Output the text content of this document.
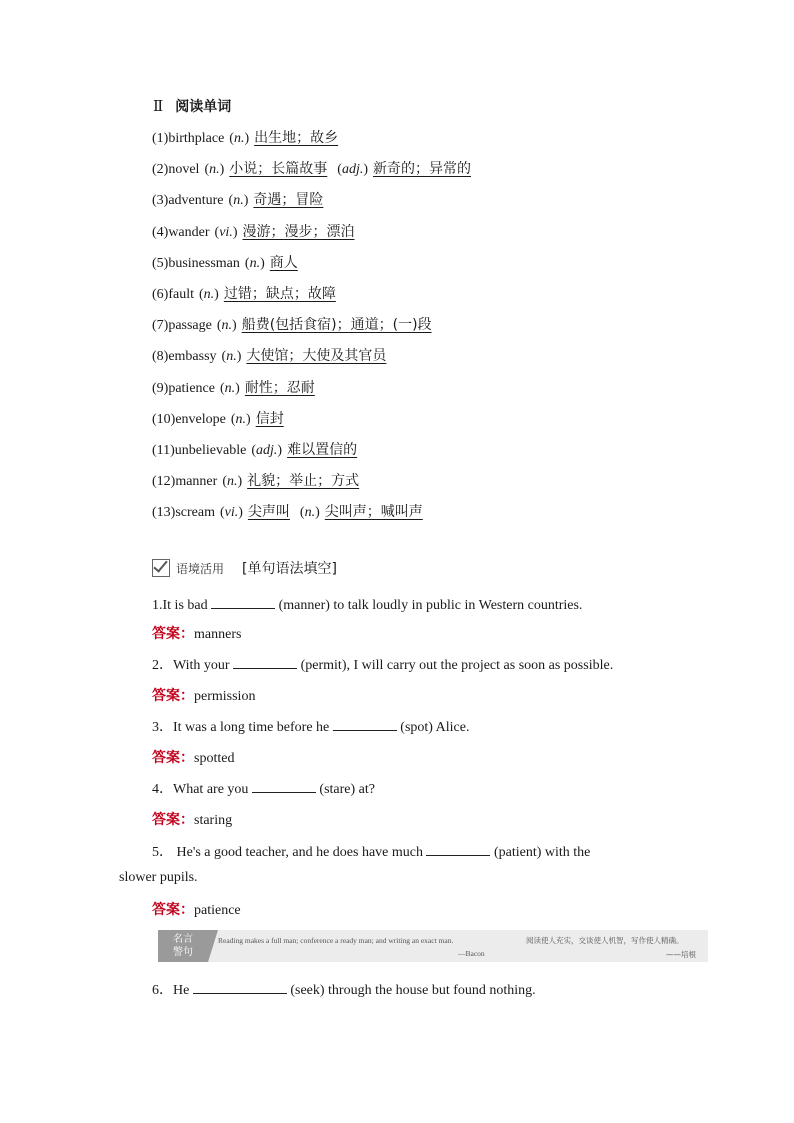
Ⅱ 阅读单词
(1)birthplace (n.) 出生地；故乡
(2)novel (n.) 小说；长篇故事 (adj.) 新奇的；异常的
(3)adventure (n.) 奇遇；冒险
(4)wander (vi.) 漫游；漫步；漂泊
(5)businessman (n.) 商人
(6)fault (n.) 过错；缺点；故障
(7)passage (n.) 船费(包括食宿)；通道；(一)段
(8)embassy (n.) 大使馆；大使及其官员
(9)patience (n.) 耐性；忍耐
(10)envelope (n.) 信封
(11)unbelievable (adj.) 难以置信的
(12)manner (n.) 礼貌；举止；方式
(13)scream (vi.) 尖声叫 (n.) 尖叫声；喊叫声
语境活用 [单句语法填空]
1.It is bad	(manner) to talk loudly in public in Western countries.
答案：manners
2．With your	(permit), I will carry out the project as soon as possible.
答案：permission
3．It was a long time before he	(spot) Alice.
答案：spotted
4．What are you	(stare) at?
答案：staring
5． He's a good teacher, and he does have much	(patient) with the
slower pupils.
答案：patience
名言
警句
Reading makes a full man; conference a ready man; and writing an exact man.
—Bacon
阅读使人充实，交谈使人机智，写作使人精确。
——培根
6．He	(seek) through the house but found nothing.
